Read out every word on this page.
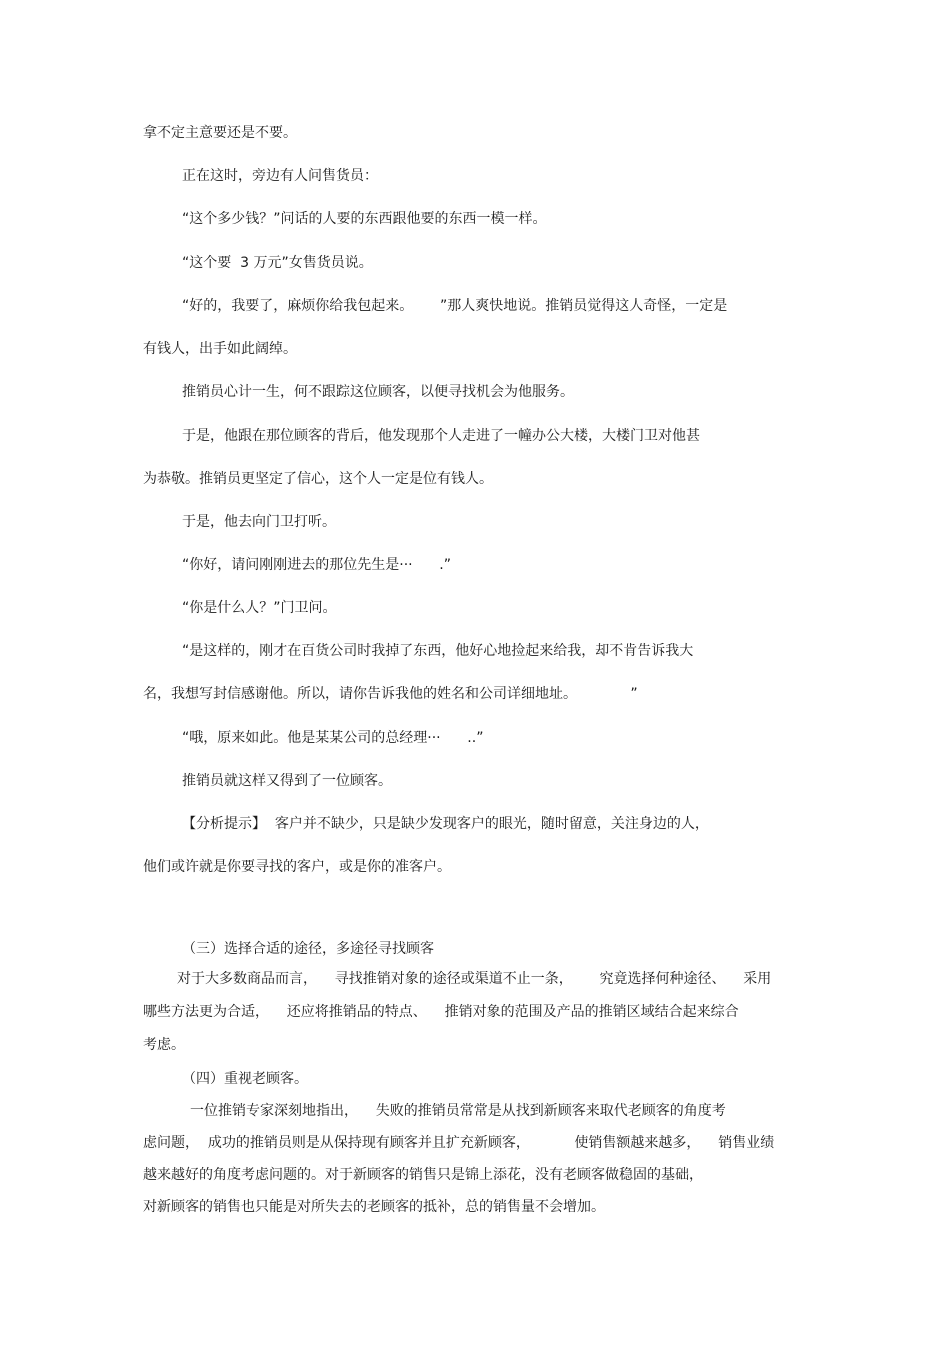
拿不定主意要还是不要。
正在这时，旁边有人问售货员：
“这个多少钱？”问话的人要的东西跟他要的东西一模一样。
“这个要  3 万元”女售货员说。
“好的，我要了，麻烦你给我包起来。      ”那人爽快地说。推销员觉得这人奇怪，一定是
有钱人，出手如此阔绰。
推销员心计一生，何不跟踪这位顾客，以便寻找机会为他服务。
于是，他跟在那位顾客的背后，他发现那个人走进了一幢办公大楼，大楼门卫对他甚
为恭敬。推销员更坚定了信心，这个人一定是位有钱人。
于是，他去向门卫打听。
“你好，请问刚刚进去的那位先生是···      .”
“你是什么人？”门卫问。
“是这样的，刚才在百货公司时我掉了东西，他好心地捡起来给我，却不肯告诉我大
名，我想写封信感谢他。所以，请你告诉我他的姓名和公司详细地址。            ”
“哦，原来如此。他是某某公司的总经理···      ..”
推销员就这样又得到了一位顾客。
【分析提示】  客户并不缺少，只是缺少发现客户的眼光，随时留意，关注身边的人，
他们或许就是你要寻找的客户，或是你的准客户。
（三）选择合适的途径，多途径寻找顾客
对于大多数商品而言，    寻找推销对象的途径或渠道不止一条，      究竟选择何种途径、    采用
哪些方法更为合适，    还应将推销品的特点、    推销对象的范围及产品的推销区域结合起来综合
考虑。
（四）重视老顾客。
一位推销专家深刻地指出，    失败的推销员常常是从找到新顾客来取代老顾客的角度考
虑问题，  成功的推销员则是从保持现有顾客并且扩充新顾客，          使销售额越来越多，    销售业绩
越来越好的角度考虑问题的。对于新顾客的销售只是锦上添花，没有老顾客做稳固的基础，
对新顾客的销售也只能是对所失去的老顾客的抵补，总的销售量不会增加。
